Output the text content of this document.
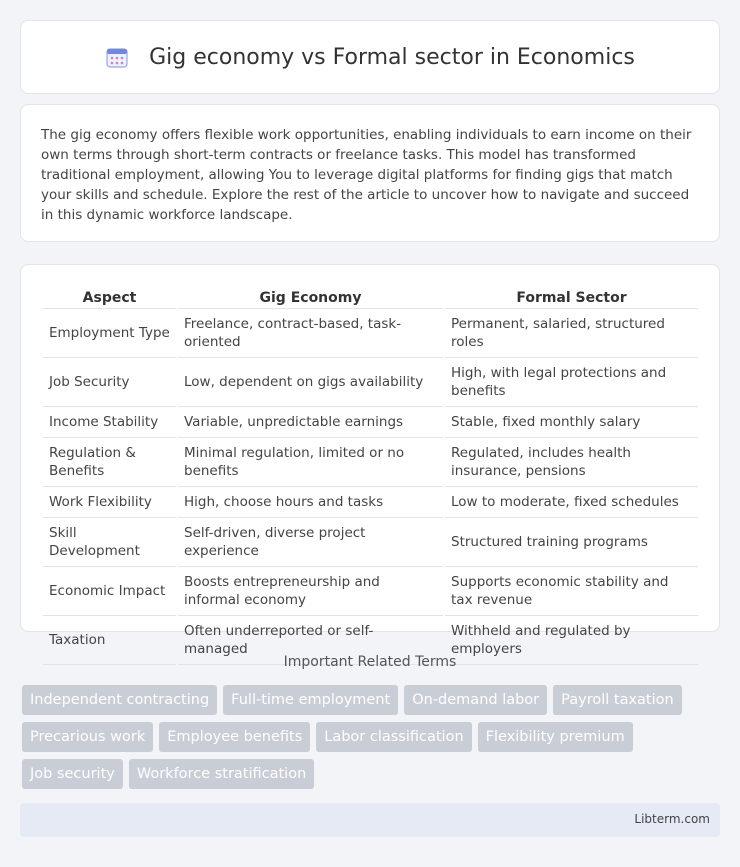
Gig economy vs Formal sector in Economics

The gig economy offers flexible work opportunities, enabling individuals to earn income on their own terms through short-term contracts or freelance tasks. This model has transformed traditional employment, allowing You to leverage digital platforms for finding gigs that match your skills and schedule. Explore the rest of the article to uncover how to navigate and succeed in this dynamic workforce landscape.

Aspect	Gig Economy	Formal Sector
Employment Type	Freelance, contract-based, task-oriented	Permanent, salaried, structured roles
Job Security	Low, dependent on gigs availability	High, with legal protections and benefits
Income Stability	Variable, unpredictable earnings	Stable, fixed monthly salary
Regulation & Benefits	Minimal regulation, limited or no benefits	Regulated, includes health insurance, pensions
Work Flexibility	High, choose hours and tasks	Low to moderate, fixed schedules
Skill Development	Self-driven, diverse project experience	Structured training programs
Economic Impact	Boosts entrepreneurship and informal economy	Supports economic stability and tax revenue
Taxation	Often underreported or self-managed	Withheld and regulated by employers
Important Related Terms
Independent contracting	Full-time employment	On-demand labor	Payroll taxation
Precarious work	Employee benefits	Labor classification	Flexibility premium
Job security	Workforce stratification
Libterm.com
